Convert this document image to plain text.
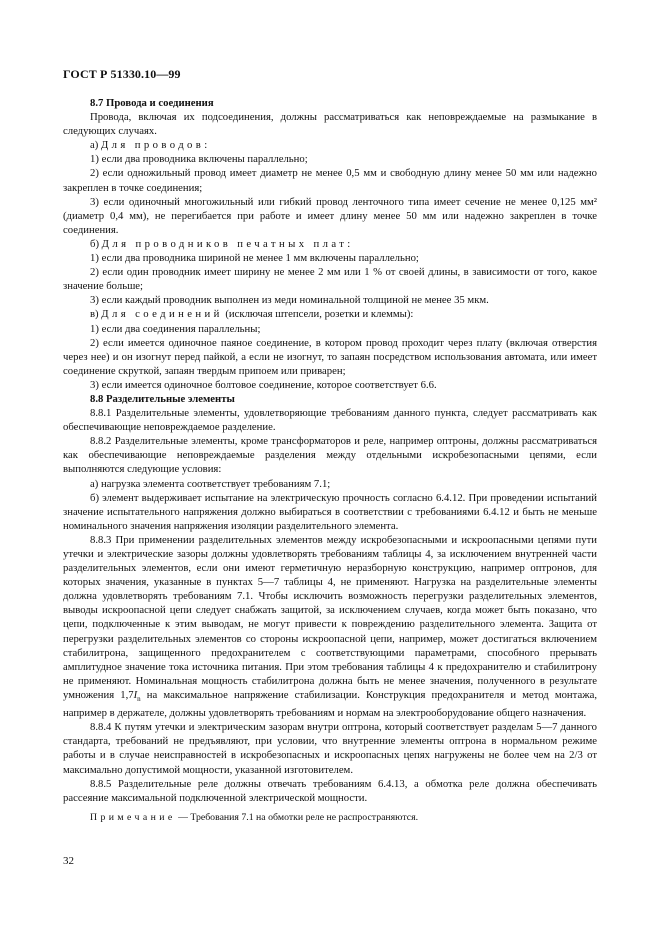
ГОСТ Р 51330.10—99

8.7 Провода и соединения

Провода, включая их подсоединения, должны рассматриваться как неповреждаемые на размыкание в следующих случаях.

а) Для проводов:

1) если два проводника включены параллельно;

2) если одножильный провод имеет диаметр не менее 0,5 мм и свободную длину менее 50 мм или надежно закреплен в точке соединения;

3) если одиночный многожильный или гибкий провод ленточного типа имеет сечение не менее 0,125 мм² (диаметр 0,4 мм), не перегибается при работе и имеет длину менее 50 мм или надежно закреплен в точке соединения.

б) Для проводников печатных плат:

1) если два проводника шириной не менее 1 мм включены параллельно;

2) если один проводник имеет ширину не менее 2 мм или 1 % от своей длины, в зависимости от того, какое значение больше;

3) если каждый проводник выполнен из меди номинальной толщиной не менее 35 мкм.

в) Для соединений (исключая штепсели, розетки и клеммы):

1) если два соединения параллельны;

2) если имеется одиночное паяное соединение, в котором провод проходит через плату (включая отверстия через нее) и он изогнут перед пайкой, а если не изогнут, то запаян посредством использования автомата, или имеет соединение скруткой, запаян твердым припоем или приварен;

3) если имеется одиночное болтовое соединение, которое соответствует 6.6.

8.8 Разделительные элементы

8.8.1 Разделительные элементы, удовлетворяющие требованиям данного пункта, следует рассматривать как обеспечивающие неповреждаемое разделение.

8.8.2 Разделительные элементы, кроме трансформаторов и реле, например оптроны, должны рассматриваться как обеспечивающие неповреждаемые разделения между отдельными искробезопасными цепями, если выполняются следующие условия:

а) нагрузка элемента соответствует требованиям 7.1;

б) элемент выдерживает испытание на электрическую прочность согласно 6.4.12. При проведении испытаний значение испытательного напряжения должно выбираться в соответствии с требованиями 6.4.12 и быть не меньше номинального значения напряжения изоляции разделительного элемента.

8.8.3 При применении разделительных элементов между искробезопасными и искроопасными цепями пути утечки и электрические зазоры должны удовлетворять требованиям таблицы 4, за исключением внутренней части разделительных элементов, если они имеют герметичную неразборную конструкцию, например оптронов, для которых значения, указанные в пунктах 5—7 таблицы 4, не применяют. Нагрузка на разделительные элементы должна удовлетворять требованиям 7.1. Чтобы исключить возможность перегрузки разделительных элементов, выводы искроопасной цепи следует снабжать защитой, за исключением случаев, когда может быть показано, что цепи, подключенные к этим выводам, не могут привести к повреждению разделительного элемента. Защита от перегрузки разделительных элементов со стороны искроопасной цепи, например, может достигаться включением стабилитрона, защищенного предохранителем с соответствующими параметрами, способного прерывать амплитудное значение тока источника питания. При этом требования таблицы 4 к предохранителю и стабилитрону не применяют. Номинальная мощность стабилитрона должна быть не менее значения, полученного в результате умножения $1,7I_n$ на максимальное напряжение стабилизации. Конструкция предохранителя и метод монтажа, например в держателе, должны удовлетворять требованиям и нормам на электрооборудование общего назначения.

8.8.4 К путям утечки и электрическим зазорам внутри оптрона, который соответствует разделам 5—7 данного стандарта, требований не предъявляют, при условии, что внутренние элементы оптрона в нормальном режиме работы и в случае неисправностей в искробезопасных и искроопасных цепях нагружены не более чем на 2/3 от максимально допустимой мощности, указанной изготовителем.

8.8.5 Разделительные реле должны отвечать требованиям 6.4.13, а обмотка реле должна обеспечивать рассеяние максимальной подключенной электрической мощности.

Примечание — Требования 7.1 на обмотки реле не распространяются.

32
